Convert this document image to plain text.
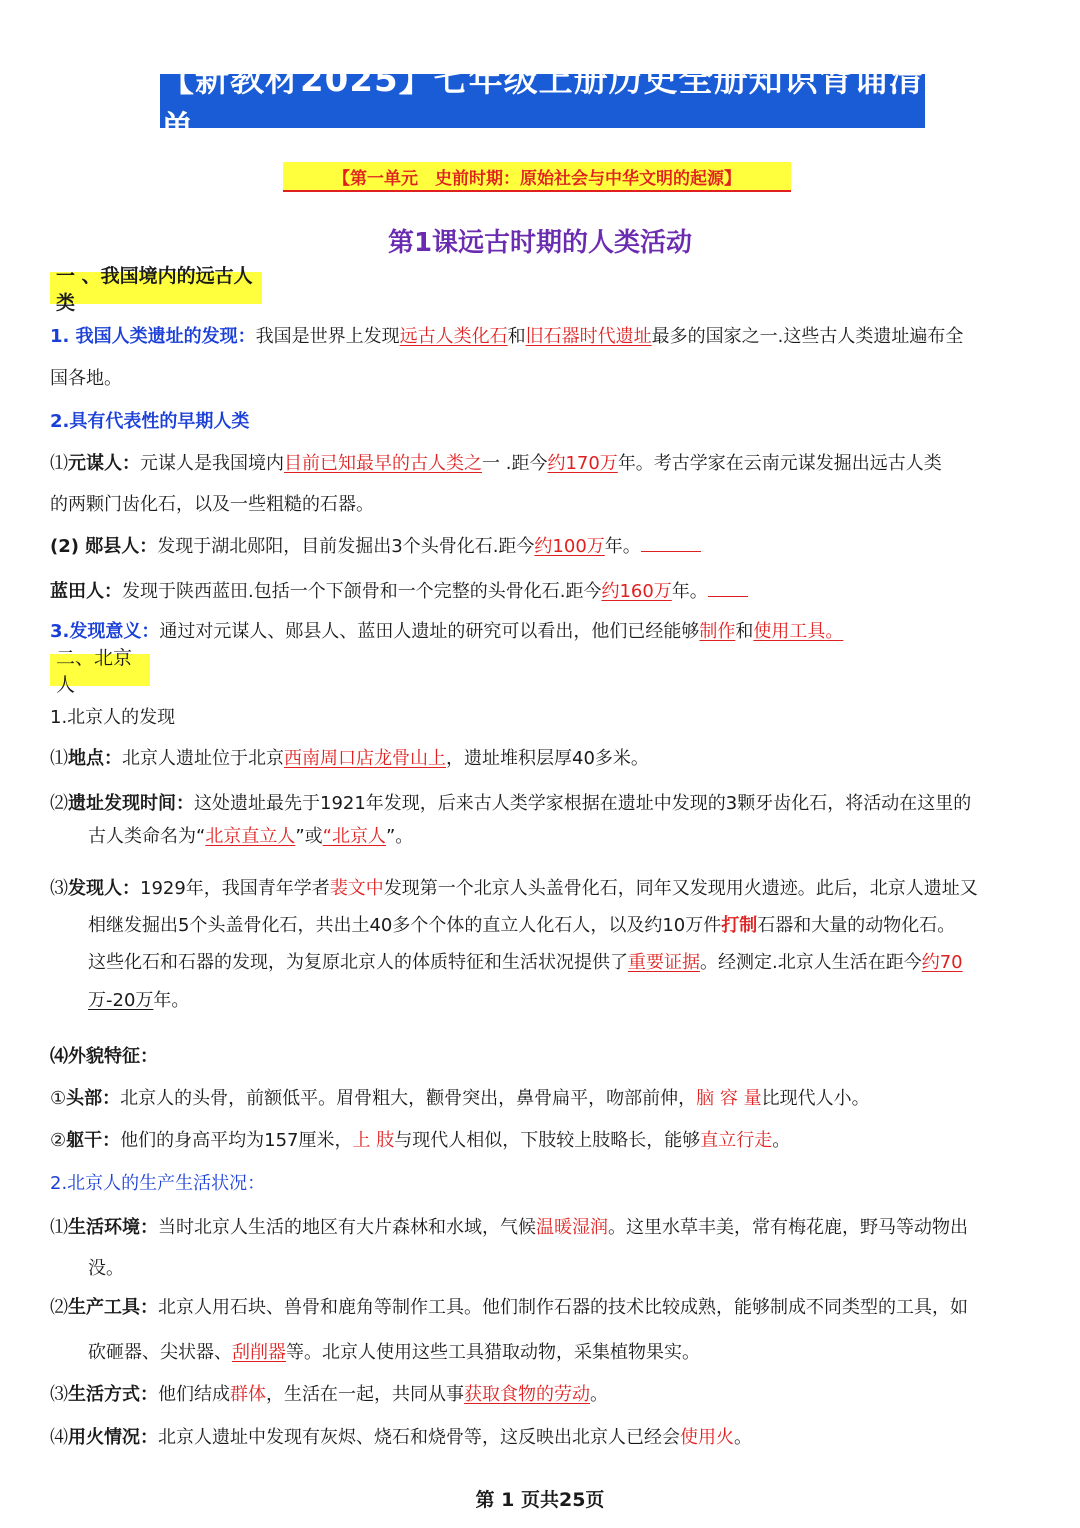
【新教材2025】七年级上册历史全册知识背诵清单
【第一单元　史前时期：原始社会与中华文明的起源】
第1课远古时期的人类活动
一 、我国境内的远古人类
1. 我国人类遗址的发现：我国是世界上发现远古人类化石和旧石器时代遗址最多的国家之一.这些古人类遗址遍布全
国各地。
2.具有代表性的早期人类
⑴元谋人：元谋人是我国境内目前已知最早的古人类之一 .距今约170万年。考古学家在云南元谋发掘出远古人类
的两颗门齿化石，以及一些粗糙的石器。
(2) 郧县人：发现于湖北郧阳，目前发掘出3个头骨化石.距今约100万年。
蓝田人：发现于陕西蓝田.包括一个下颌骨和一个完整的头骨化石.距今约160万年。
3.发现意义：通过对元谋人、郧县人、蓝田人遗址的研究可以看出，他们已经能够制作和使用工具。
二、北京人
1.北京人的发现
⑴地点：北京人遗址位于北京西南周口店龙骨山上，遗址堆积层厚40多米。
⑵遗址发现时间：这处遗址最先于1921年发现，后来古人类学家根据在遗址中发现的3颗牙齿化石，将活动在这里的
古人类命名为“北京直立人”或“北京人”。
⑶发现人：1929年，我国青年学者裴文中发现第一个北京人头盖骨化石，同年又发现用火遗迹。此后，北京人遗址又
相继发掘出5个头盖骨化石，共出土40多个个体的直立人化石人，以及约10万件打制石器和大量的动物化石。
这些化石和石器的发现，为复原北京人的体质特征和生活状况提供了重要证据。经测定.北京人生活在距今约70
万-20万年。
⑷外貌特征：
①头部：北京人的头骨，前额低平。眉骨粗大，颧骨突出，鼻骨扁平，吻部前伸，脑 容 量比现代人小。
②躯干：他们的身高平均为157厘米，上 肢与现代人相似，下肢较上肢略长，能够直立行走。
2.北京人的生产生活状况：
⑴生活环境：当时北京人生活的地区有大片森林和水域，气候温暖湿润。这里水草丰美，常有梅花鹿，野马等动物出
没。
⑵生产工具：北京人用石块、兽骨和鹿角等制作工具。他们制作石器的技术比较成熟，能够制成不同类型的工具，如
砍砸器、尖状器、刮削器等。北京人使用这些工具猎取动物，采集植物果实。
⑶生活方式：他们结成群体，生活在一起，共同从事获取食物的劳动。
⑷用火情况：北京人遗址中发现有灰烬、烧石和烧骨等，这反映出北京人已经会使用火。
第 1 页共25页
